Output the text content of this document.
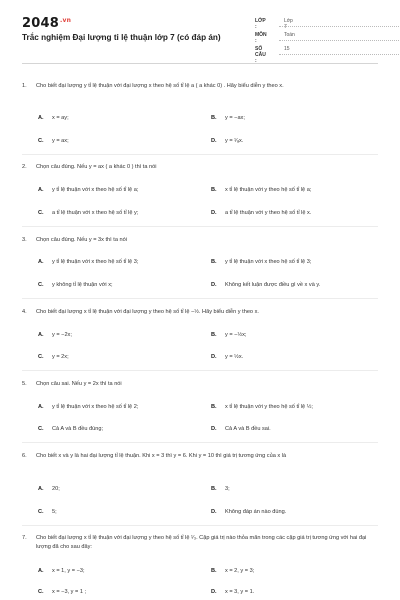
$2048^{.vn}$
Trắc nghiệm Đại lượng tỉ lệ thuận lớp 7 (có đáp án)
LỚP :
Lớp 7
MÔN :
Toán
SỐ CÂU :
15
1.	Cho biết đại lượng y tỉ lệ thuận với đại lượng x theo hệ số tỉ lệ a ( a khác 0) . Hãy biểu diễn y theo x.
A. x = ay;	B. y = −ax;
C. y = ax;	D. y = ¹⁄ₐx.
2.	Chọn câu đúng. Nếu y = ax ( a khác 0 ) thì ta nói
A. y tỉ lệ thuận với x theo hệ số tỉ lệ a;	B. x tỉ lệ thuận với y theo hệ số tỉ lệ a;
C. a tỉ lệ thuận với x theo hệ số tỉ lệ y;	D. a tỉ lệ thuận với y theo hệ số tỉ lệ x.
3.	Chọn câu đúng. Nếu y = 3x thì ta nói
A. y tỉ lệ thuận với x theo hệ số tỉ lệ 3;	B. y tỉ lệ thuận với x theo hệ số tỉ lệ 3;
C. y không tỉ lệ thuận với x;	D. Không kết luận được điều gì về x và y.
4.	Cho biết đại lượng x tỉ lệ thuận với đại lượng y theo hệ số tỉ lệ −½. Hãy biểu diễn y theo x.
A. y = −2x;	B. y = −½x;
C. y = 2x;	D. y = ½x.
5.	Chọn câu sai. Nếu y = 2x thì ta nói
A. y tỉ lệ thuận với x theo hệ số tỉ lệ 2;	B. x tỉ lệ thuận với y theo hệ số tỉ lệ ½;
C. Cả A và B đều đúng;	D. Cả A và B đều sai.
6.	Cho biết x và y là hai đại lượng tỉ lệ thuận. Khi x = 3 thì y = 6. Khi y = 10 thì giá trị tương ứng của x là
A. 20;	B. 3;
C. 5;	D. Không đáp án nào đúng.
7.	Cho biết đại lượng x tỉ lệ thuận với đại lượng y theo hệ số tỉ lệ ¹⁄₃. Cặp giá trị nào thỏa mãn trong các cặp giá trị tương ứng với hai đại lượng đã cho sau đây:
A. x = 1, y = −3;	B. x = 2, y = 3;
C. x = −3, y = 1 ;	D. x = 3, y = 1.
